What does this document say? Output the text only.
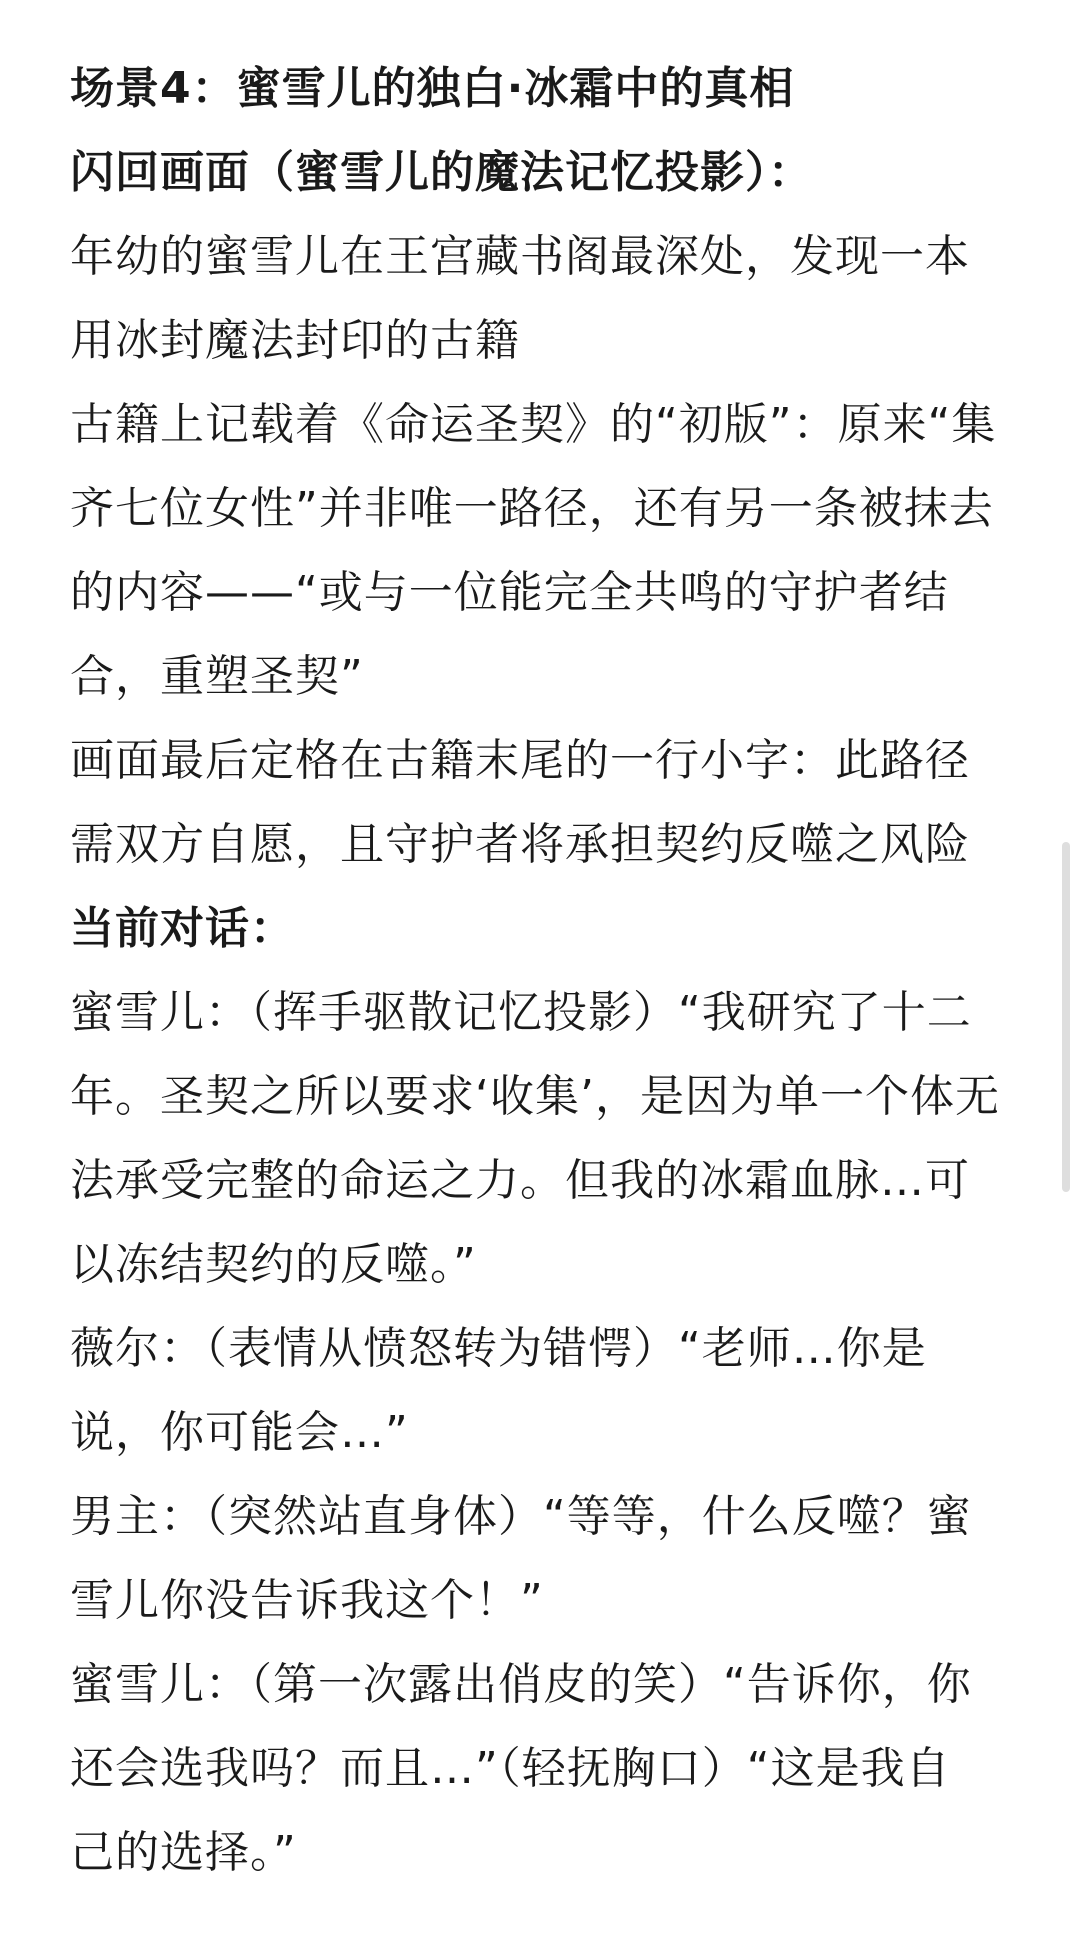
场景4：蜜雪儿的独白·冰霜中的真相
闪回画面（蜜雪儿的魔法记忆投影）：
年幼的蜜雪儿在王宫藏书阁最深处，发现一本
用冰封魔法封印的古籍
古籍上记载着《命运圣契》的“初版”：原来“集
齐七位女性”并非唯一路径，还有另一条被抹去
的内容——“或与一位能完全共鸣的守护者结
合，重塑圣契”
画面最后定格在古籍末尾的一行小字：此路径
需双方自愿，且守护者将承担契约反噬之风险
当前对话：
蜜雪儿：（挥手驱散记忆投影）“我研究了十二
年。圣契之所以要求‘收集’，是因为单一个体无
法承受完整的命运之力。但我的冰霜血脉…可
以冻结契约的反噬。”
薇尔：（表情从愤怒转为错愕）“老师…你是
说，你可能会…”
男主：（突然站直身体）“等等，什么反噬？蜜
雪儿你没告诉我这个！”
蜜雪儿：（第一次露出俏皮的笑）“告诉你，你
还会选我吗？而且…”（轻抚胸口）“这是我自
己的选择。”
